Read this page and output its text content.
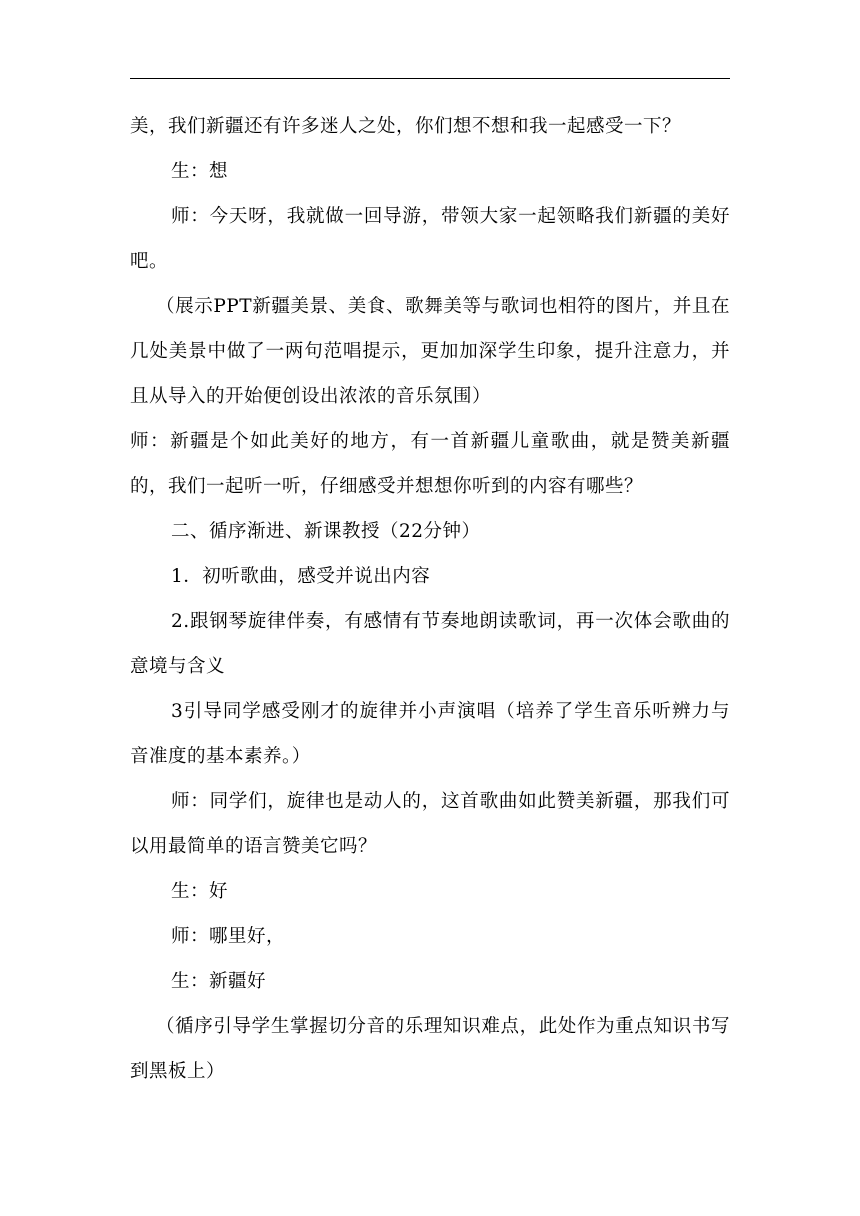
美，我们新疆还有许多迷人之处，你们想不想和我一起感受一下？

生：想

师：今天呀，我就做一回导游，带领大家一起领略我们新疆的美好吧。

（展示PPT新疆美景、美食、歌舞美等与歌词也相符的图片，并且在几处美景中做了一两句范唱提示，更加加深学生印象，提升注意力，并且从导入的开始便创设出浓浓的音乐氛围）

师：新疆是个如此美好的地方，有一首新疆儿童歌曲，就是赞美新疆的，我们一起听一听，仔细感受并想想你听到的内容有哪些？

二、循序渐进、新课教授（22分钟）

1．初听歌曲，感受并说出内容

2.跟钢琴旋律伴奏，有感情有节奏地朗读歌词，再一次体会歌曲的意境与含义

3引导同学感受刚才的旋律并小声演唱（培养了学生音乐听辨力与音准度的基本素养。）

师：同学们，旋律也是动人的，这首歌曲如此赞美新疆，那我们可以用最简单的语言赞美它吗？

生：好

师：哪里好，

生：新疆好

（循序引导学生掌握切分音的乐理知识难点，此处作为重点知识书写到黑板上）
